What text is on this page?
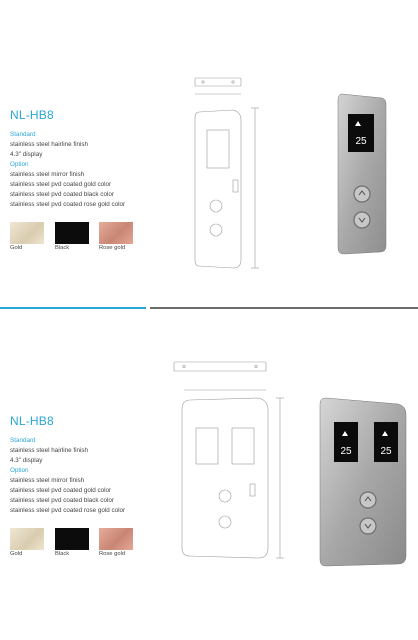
NL-HB8
Standard
stainless steel hairline finish
4.3" display
Option
stainless steel mirror finish
stainless steel pvd coated gold color
stainless steel pvd coated black color
stainless steel pvd coated rose gold color
Gold	Black	Rose gold
25
NL-HB8
Standard
stainless steel hairline finish
4.3" display
Option
stainless steel mirror finish
stainless steel pvd coated gold color
stainless steel pvd coated black color
stainless steel pvd coated rose gold color
Gold	Black	Rose gold
25	25
